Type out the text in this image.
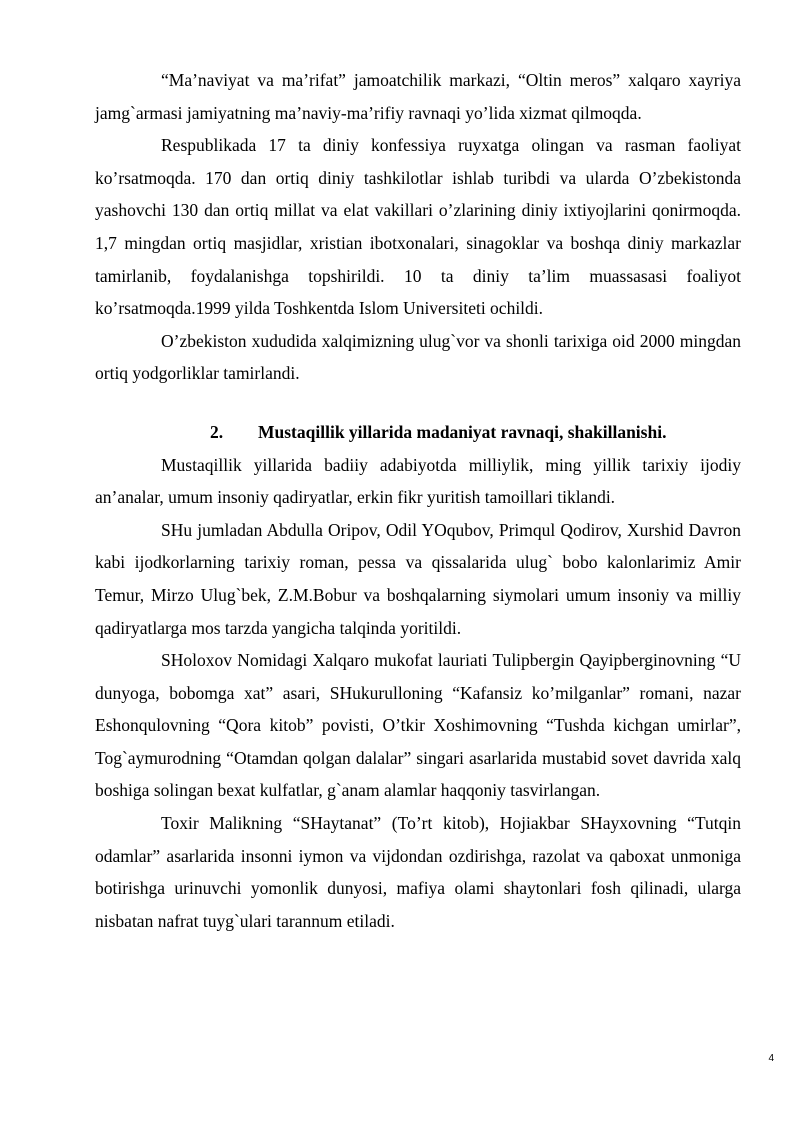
“Ma’naviyat va ma’rifat” jamoatchilik markazi, “Oltin meros” xalqaro xayriya jamg`armasi jamiyatning ma’naviy-ma’rifiy ravnaqi yo’lida xizmat qilmoqda.

Respublikada 17 ta diniy konfessiya ruyxatga olingan va rasman faoliyat ko’rsatmoqda. 170 dan ortiq diniy tashkilotlar ishlab turibdi va ularda O’zbekistonda yashovchi 130 dan ortiq millat va elat vakillari o’zlarining diniy ixtiyojlarini qonirmoqda. 1,7 mingdan ortiq masjidlar, xristian ibotxonalari, sinagoklar va boshqa diniy markazlar tamirlanib, foydalanishga topshirildi. 10 ta diniy ta’lim muassasasi foaliyot ko’rsatmoqda.1999 yilda Toshkentda Islom Universiteti ochildi.

O’zbekiston xududida xalqimizning ulug`vor va shonli tarixiga oid 2000 mingdan ortiq yodgorliklar tamirlandi.

2. Mustaqillik yillarida madaniyat ravnaqi, shakillanishi.

Mustaqillik yillarida badiiy adabiyotda milliylik, ming yillik tarixiy ijodiy an’analar, umum insoniy qadiryatlar, erkin fikr yuritish tamoillari tiklandi.

SHu jumladan Abdulla Oripov, Odil YOqubov, Primqul Qodirov, Xurshid Davron kabi ijodkorlarning tarixiy roman, pessa va qissalarida ulug` bobo kalonlarimiz Amir Temur, Mirzo Ulug`bek, Z.M.Bobur va boshqalarning siymolari umum insoniy va milliy qadiryatlarga mos tarzda yangicha talqinda yoritildi.

SHoloxov Nomidagi Xalqaro mukofat lauriati Tulipbergin Qayipberginovning “U dunyoga, bobomga xat” asari, SHukurulloning “Kafansiz ko’milganlar” romani, nazar Eshonqulovning “Qora kitob” povisti, O’tkir Xoshimovning “Tushda kichgan umirlar”, Tog`aymurodning “Otamdan qolgan dalalar” singari asarlarida mustabid sovet davrida xalq boshiga solingan bexat kulfatlar, g`anam alamlar haqqoniy tasvirlangan.

Toxir Malikning “SHaytanat” (To’rt kitob), Hojiakbar SHayxovning “Tutqin odamlar” asarlarida insonni iymon va vijdondan ozdirishga, razolat va qaboxat unmoniga botirishga urinuvchi yomonlik dunyosi, mafiya olami shaytonlari fosh qilinadi, ularga nisbatan nafrat tuyg`ulari tarannum etiladi.

4
